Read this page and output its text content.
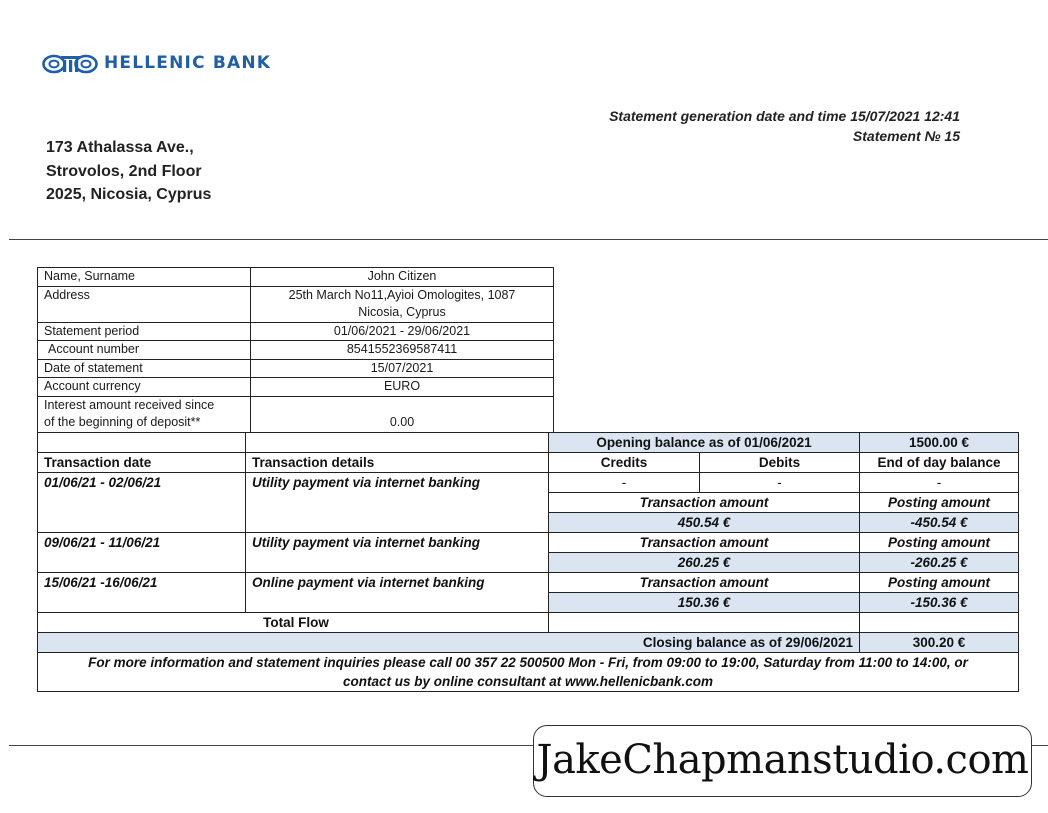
HELLENIC BANK
Statement generation date and time 15/07/2021 12:41
Statement № 15
173 Athalassa Ave.,
Strovolos, 2nd Floor
2025, Nicosia, Cyprus
Name, Surname	John Citizen
Address	25th March No11,Ayioi Omologites, 1087
Nicosia, Cyprus

Statement period	01/06/2021 - 29/06/2021
Account number	8541552369587411
Date of statement	15/07/2021
Account currency	EURO

Interest amount received since
of the beginning of deposit**	0.00
		Opening balance as of 01/06/2021		1500.00 €
Transaction date	Transaction details	Credits	Debits	End of day balance
01/06/21 - 02/06/21	Utility payment via internet banking	-	-	-
		Transaction amount		Posting amount
		450.54 €		-450.54 €
09/06/21 - 11/06/21	Utility payment via internet banking	Transaction amount		Posting amount
		260.25 €		-260.25 €
15/06/21 -16/06/21	Online payment via internet banking	Transaction amount		Posting amount
		150.36 €		-150.36 €
Total Flow				
Closing balance as of 29/06/2021				300.20 €

For more information and statement inquiries please call 00 357 22 500500 Mon - Fri, from 09:00 to 19:00, Saturday from 11:00 to 14:00, or
contact us by online consultant at www.hellenicbank.com				
JakeChapmanstudio.com
